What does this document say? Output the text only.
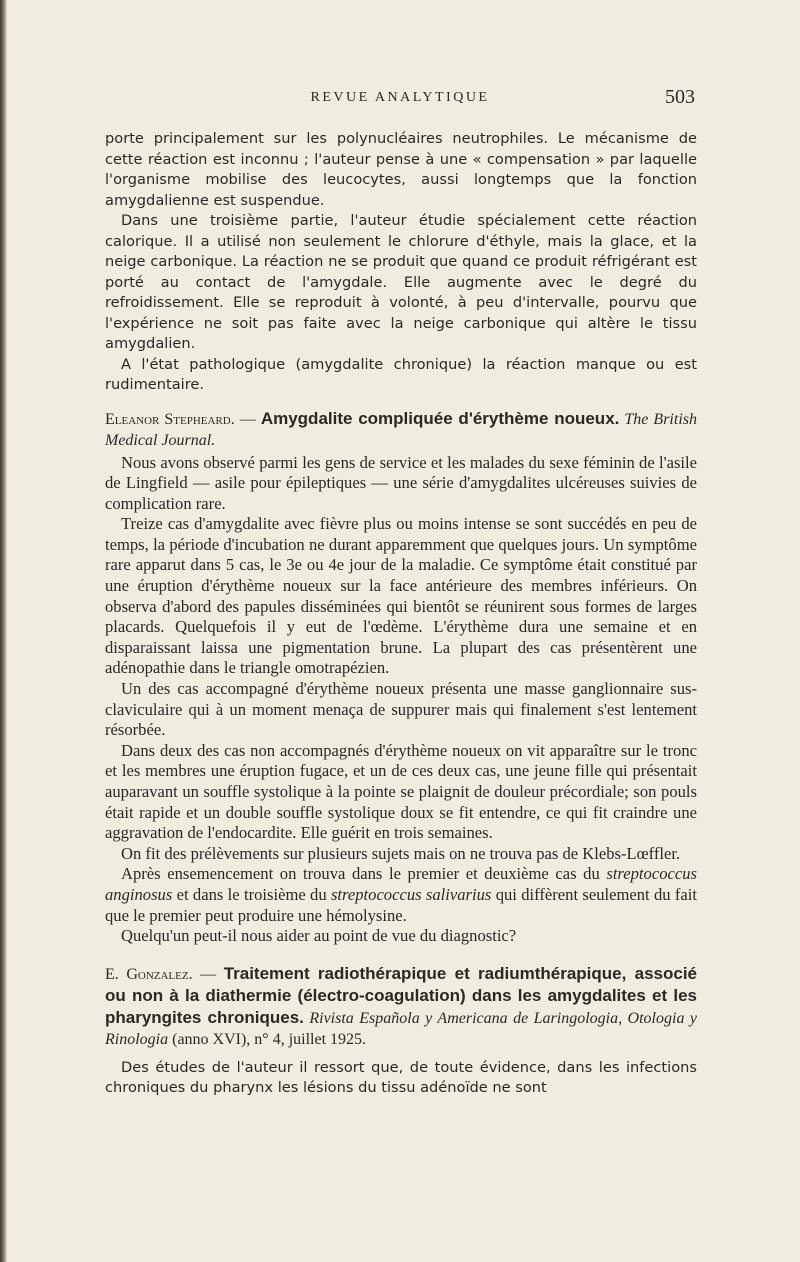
REVUE ANALYTIQUE	503

porte principalement sur les polynucléaires neutrophiles. Le mécanisme de cette réaction est inconnu ; l'auteur pense à une « compensation » par laquelle l'organisme mobilise des leucocytes, aussi longtemps que la fonction amygdalienne est suspendue.

Dans une troisième partie, l'auteur étudie spécialement cette réaction calorique. Il a utilisé non seulement le chlorure d'éthyle, mais la glace, et la neige carbonique. La réaction ne se produit que quand ce produit réfrigérant est porté au contact de l'amygdale. Elle augmente avec le degré du refroidissement. Elle se reproduit à volonté, à peu d'intervalle, pourvu que l'expérience ne soit pas faite avec la neige carbonique qui altère le tissu amygdalien.

A l'état pathologique (amygdalite chronique) la réaction manque ou est rudimentaire.

Eleanor Stepheard. — Amygdalite compliquée d'érythème noueux. The British Medical Journal.

Nous avons observé parmi les gens de service et les malades du sexe féminin de l'asile de Lingfield — asile pour épileptiques — une série d'amygdalites ulcéreuses suivies de complication rare.

Treize cas d'amygdalite avec fièvre plus ou moins intense se sont succédés en peu de temps, la période d'incubation ne durant apparemment que quelques jours. Un symptôme rare apparut dans 5 cas, le 3e ou 4e jour de la maladie. Ce symptôme était constitué par une éruption d'érythème noueux sur la face antérieure des membres inférieurs. On observa d'abord des papules disséminées qui bientôt se réunirent sous formes de larges placards. Quelquefois il y eut de l'œdème. L'érythème dura une semaine et en disparaissant laissa une pigmentation brune. La plupart des cas présentèrent une adénopathie dans le triangle omotrapézien.

Un des cas accompagné d'érythème noueux présenta une masse ganglionnaire sus-claviculaire qui à un moment menaça de suppurer mais qui finalement s'est lentement résorbée.

Dans deux des cas non accompagnés d'érythème noueux on vit apparaître sur le tronc et les membres une éruption fugace, et un de ces deux cas, une jeune fille qui présentait auparavant un souffle systolique à la pointe se plaignit de douleur précordiale; son pouls était rapide et un double souffle systolique doux se fit entendre, ce qui fit craindre une aggravation de l'endocardite. Elle guérit en trois semaines.

On fit des prélèvements sur plusieurs sujets mais on ne trouva pas de Klebs-Lœffler.

Après ensemencement on trouva dans le premier et deuxième cas du streptococcus anginosus et dans le troisième du streptococcus salivarius qui diffèrent seulement du fait que le premier peut produire une hémolysine.

Quelqu'un peut-il nous aider au point de vue du diagnostic?

E. Gonzalez. — Traitement radiothérapique et radiumthérapique, associé ou non à la diathermie (électro-coagulation) dans les amygdalites et les pharyngites chroniques. Rivista Española y Americana de Laringologia, Otologia y Rinologia (anno XVI), n° 4, juillet 1925.

Des études de l'auteur il ressort que, de toute évidence, dans les infections chroniques du pharynx les lésions du tissu adénoïde ne sont
